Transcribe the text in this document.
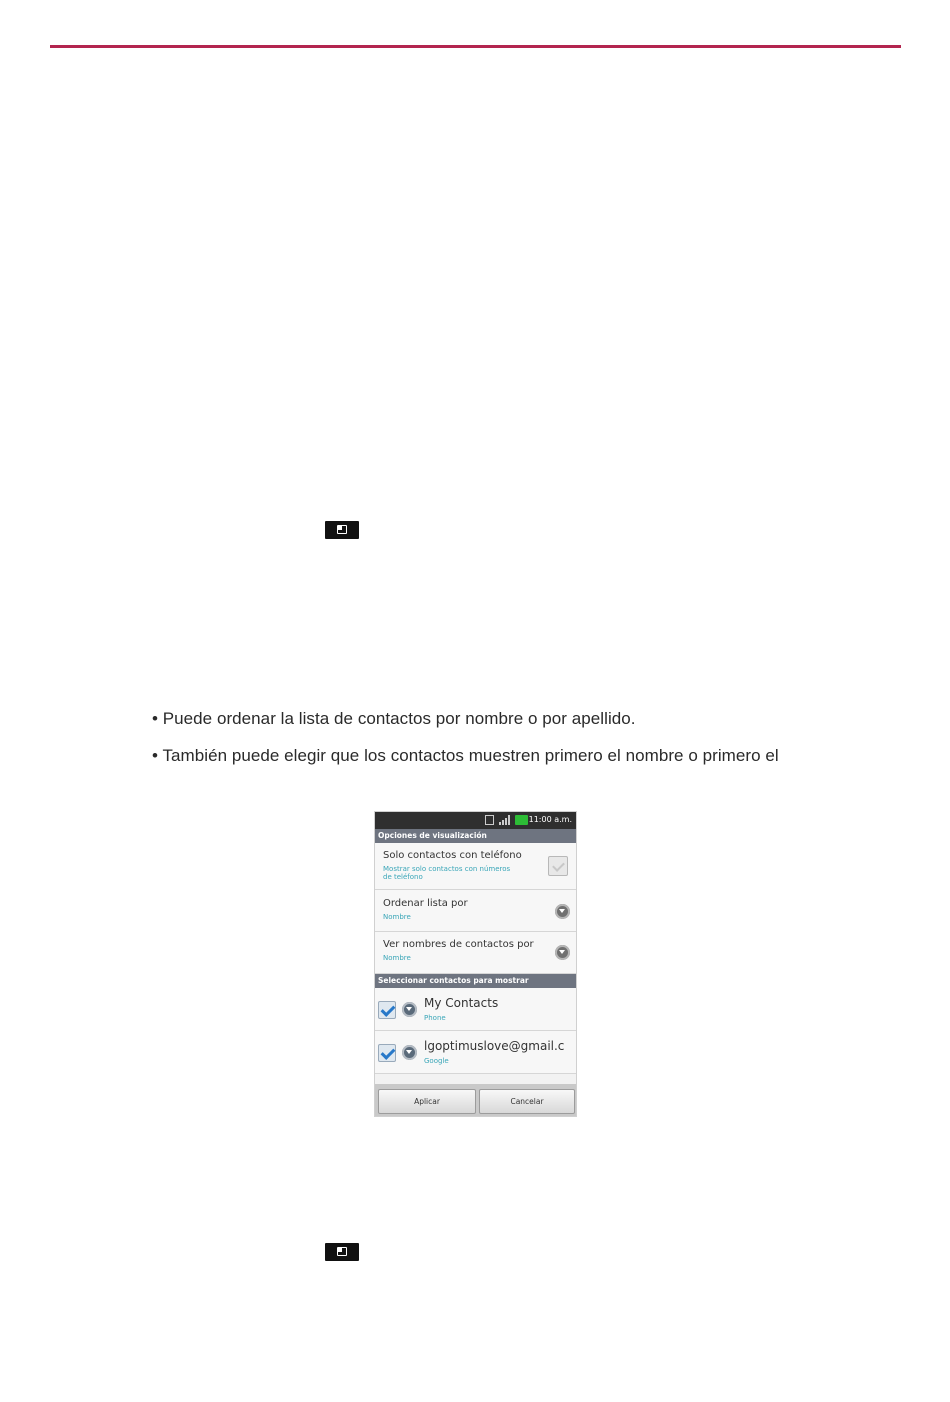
• Puede ordenar la lista de contactos por nombre o por apellido.
• También puede elegir que los contactos muestren primero el nombre o primero el
11:00 a.m.
Opciones de visualización
Solo contactos con teléfono
Mostrar solo contactos con números
de teléfono
Ordenar lista por
Nombre
Ver nombres de contactos por
Nombre
Seleccionar contactos para mostrar
My Contacts
Phone
lgoptimuslove@gmail.c
Google
Aplicar	Cancelar
